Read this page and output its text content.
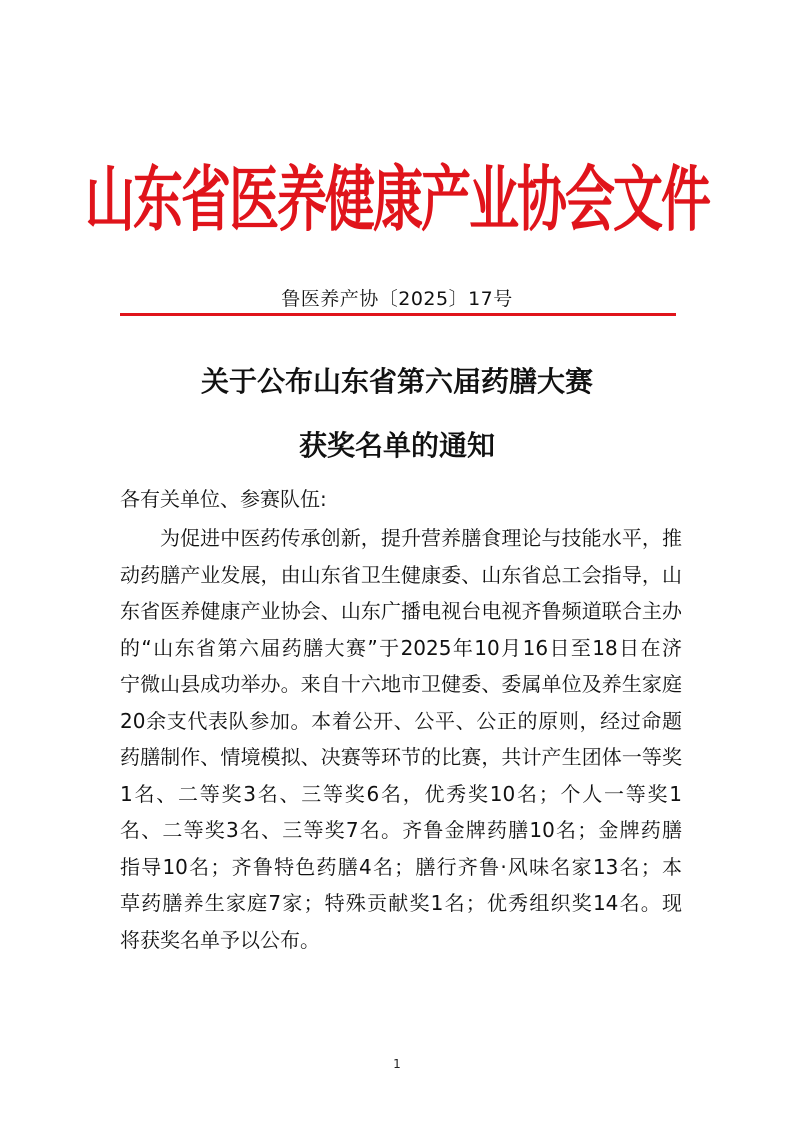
山东省医养健康产业协会文件
鲁医养产协〔2025〕17号
关于公布山东省第六届药膳大赛
获奖名单的通知
各有关单位、参赛队伍:
为促进中医药传承创新，提升营养膳食理论与技能水平，推
动药膳产业发展，由山东省卫生健康委、山东省总工会指导，山
东省医养健康产业协会、山东广播电视台电视齐鲁频道联合主办
的“山东省第六届药膳大赛”于2025年10月16日至18日在济
宁微山县成功举办。来自十六地市卫健委、委属单位及养生家庭
20余支代表队参加。本着公开、公平、公正的原则，经过命题
药膳制作、情境模拟、决赛等环节的比赛，共计产生团体一等奖
1名、二等奖3名、三等奖6名，优秀奖10名；个人一等奖1
名、二等奖3名、三等奖7名。齐鲁金牌药膳10名；金牌药膳
指导10名；齐鲁特色药膳4名；膳行齐鲁·风味名家13名；本
草药膳养生家庭7家；特殊贡献奖1名；优秀组织奖14名。现
将获奖名单予以公布。
1
